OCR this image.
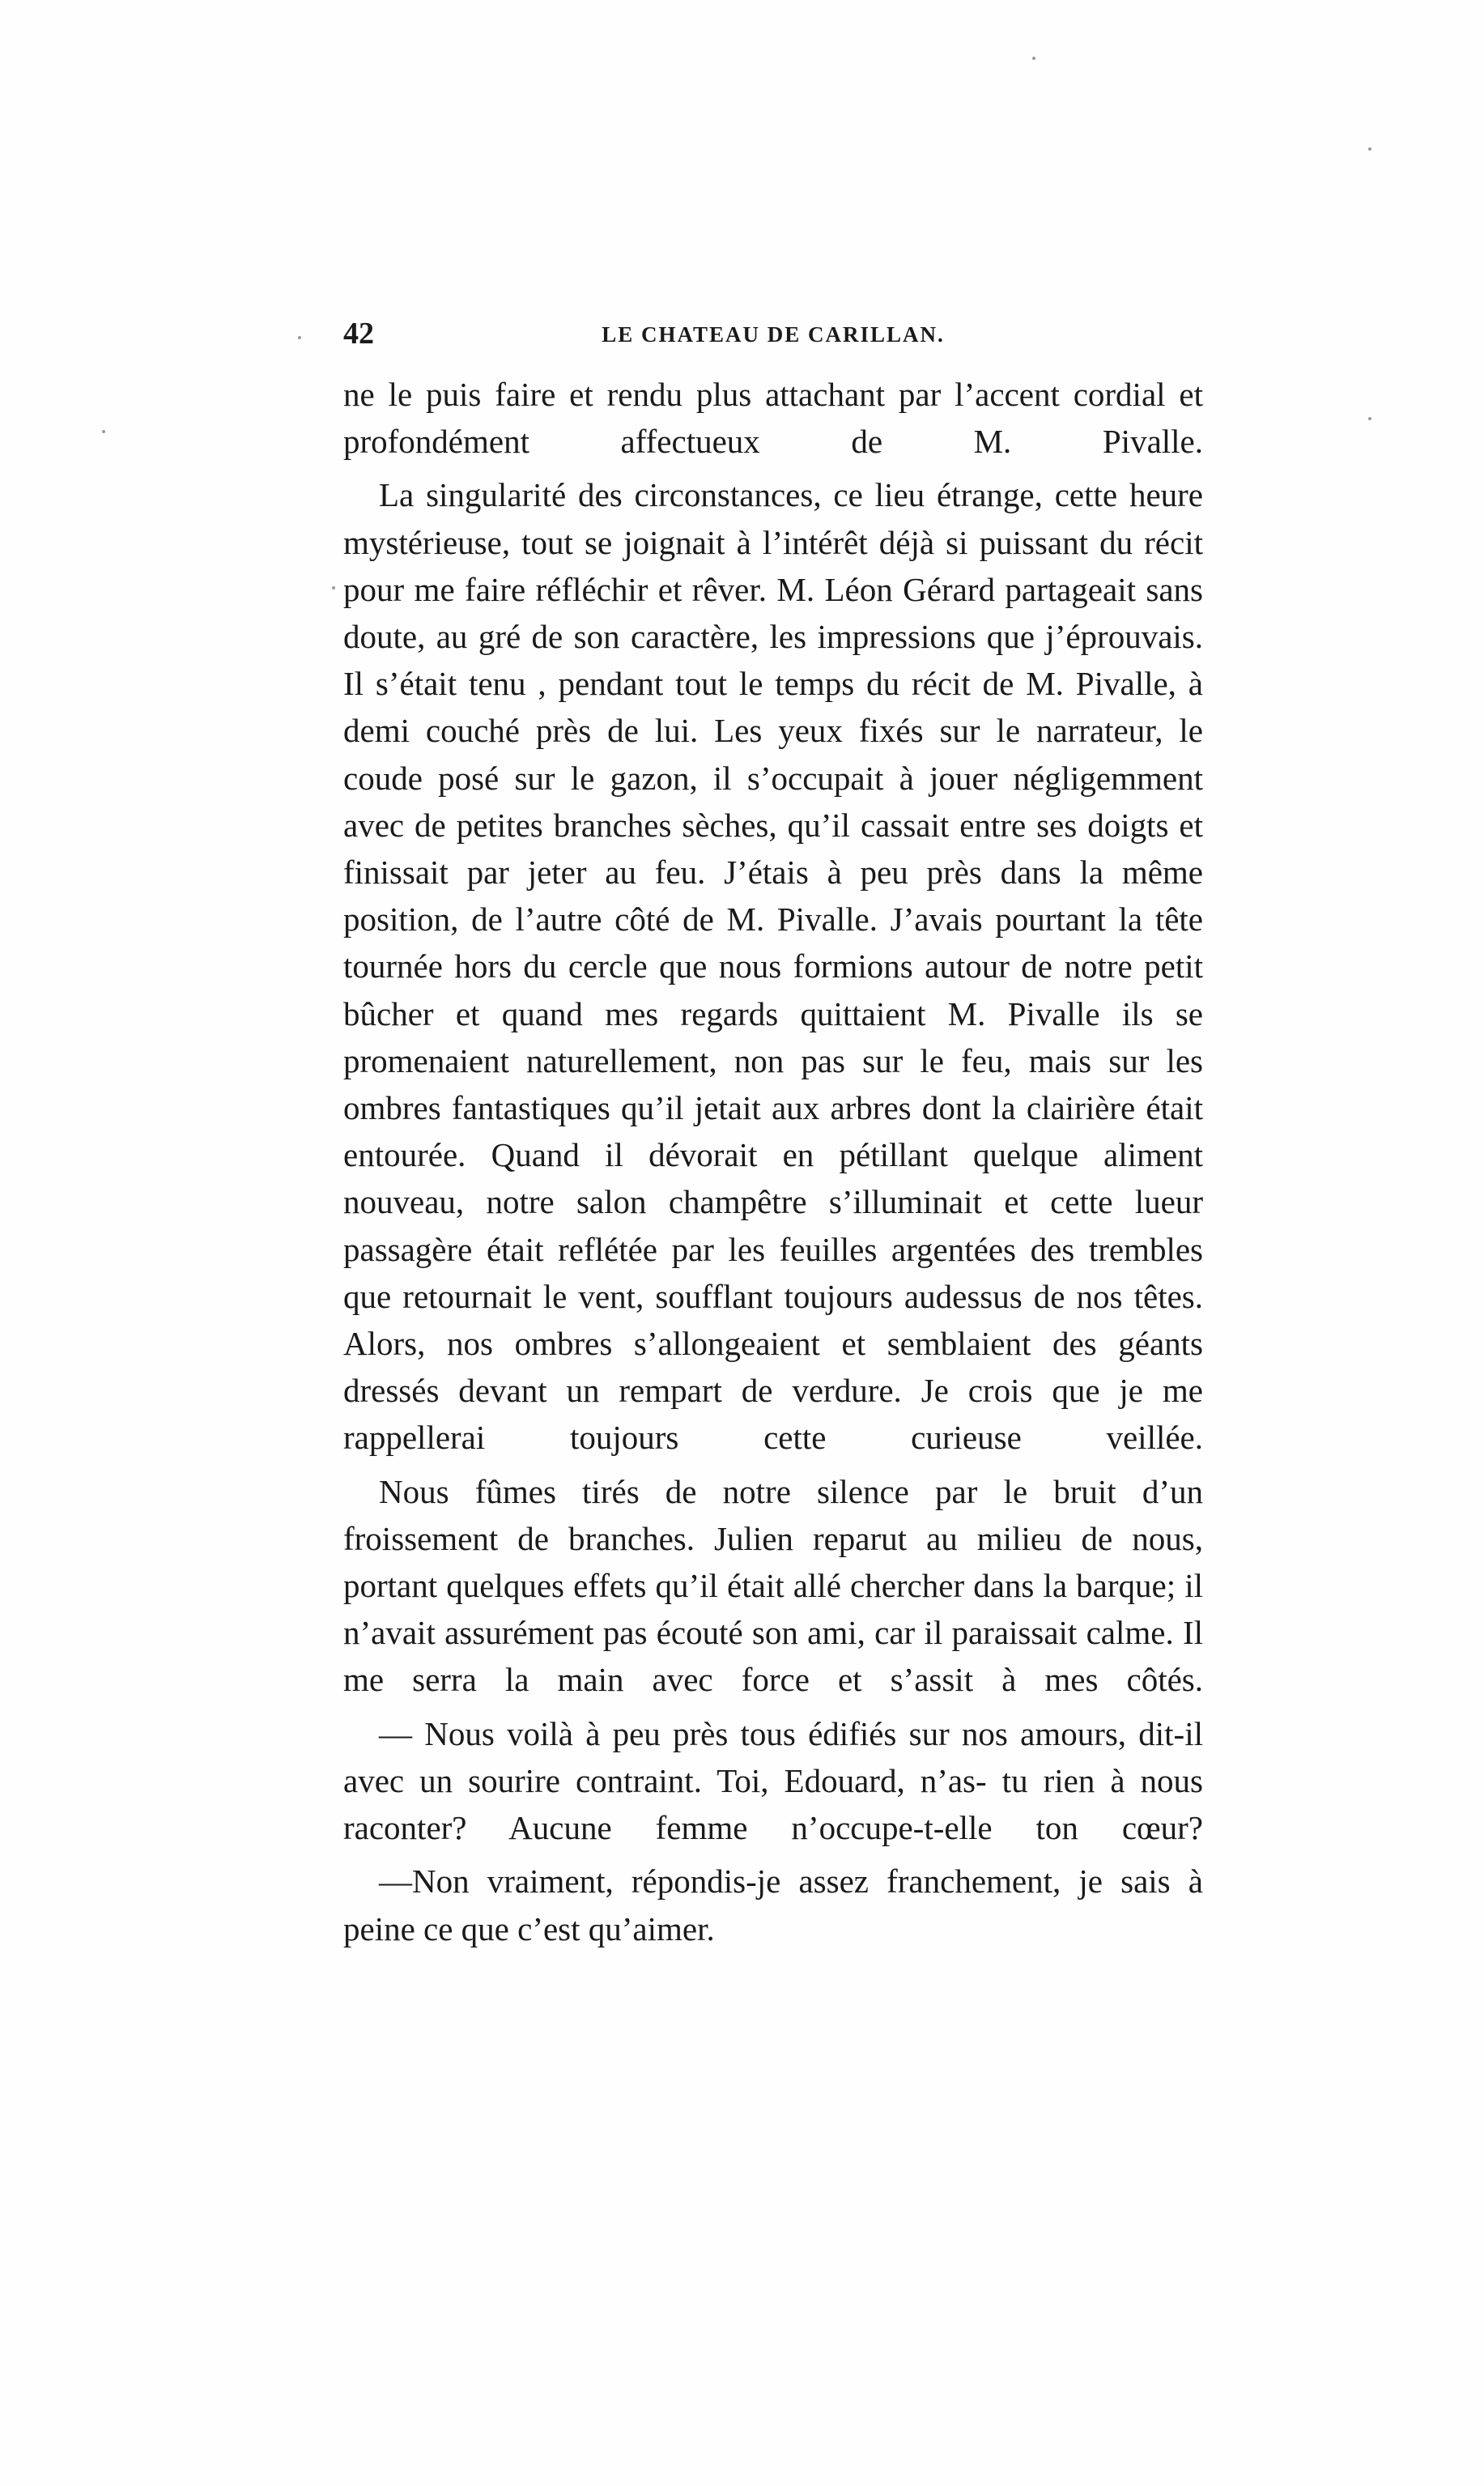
42	LE CHATEAU DE CARILLAN.

ne le puis faire et rendu plus attachant par l’accent cordial et profondément affectueux de M. Pivalle.

La singularité des circonstances, ce lieu étrange, cette heure mystérieuse, tout se joignait à l’intérêt déjà si puissant du récit pour me faire réfléchir et rêver. M. Léon Gérard partageait sans doute, au gré de son caractère, les impressions que j’éprouvais. Il s’était tenu , pendant tout le temps du récit de M. Pivalle, à demi couché près de lui. Les yeux fixés sur le narrateur, le coude posé sur le gazon, il s’occupait à jouer négligemment avec de petites branches sèches, qu’il cassait entre ses doigts et finissait par jeter au feu. J’étais à peu près dans la même position, de l’autre côté de M. Pivalle. J’avais pourtant la tête tournée hors du cercle que nous formions autour de notre petit bûcher et quand mes regards quittaient M. Pivalle ils se promenaient naturellement, non pas sur le feu, mais sur les ombres fantastiques qu’il jetait aux arbres dont la clairière était entourée. Quand il dévorait en pétillant quelque aliment nouveau, notre salon champêtre s’illuminait et cette lueur passagère était reflétée par les feuilles argentées des trembles que retournait le vent, soufflant toujours audessus de nos têtes. Alors, nos ombres s’allongeaient et semblaient des géants dressés devant un rempart de verdure. Je crois que je me rappellerai toujours cette curieuse veillée.

Nous fûmes tirés de notre silence par le bruit d’un froissement de branches. Julien reparut au milieu de nous, portant quelques effets qu’il était allé chercher dans la barque; il n’avait assurément pas écouté son ami, car il paraissait calme. Il me serra la main avec force et s’assit à mes côtés.

— Nous voilà à peu près tous édifiés sur nos amours, dit-il avec un sourire contraint. Toi, Edouard, n’as- tu rien à nous raconter? Aucune femme n’occupe-t-elle ton cœur?

—Non vraiment, répondis-je assez franchement, je sais à peine ce que c’est qu’aimer.
